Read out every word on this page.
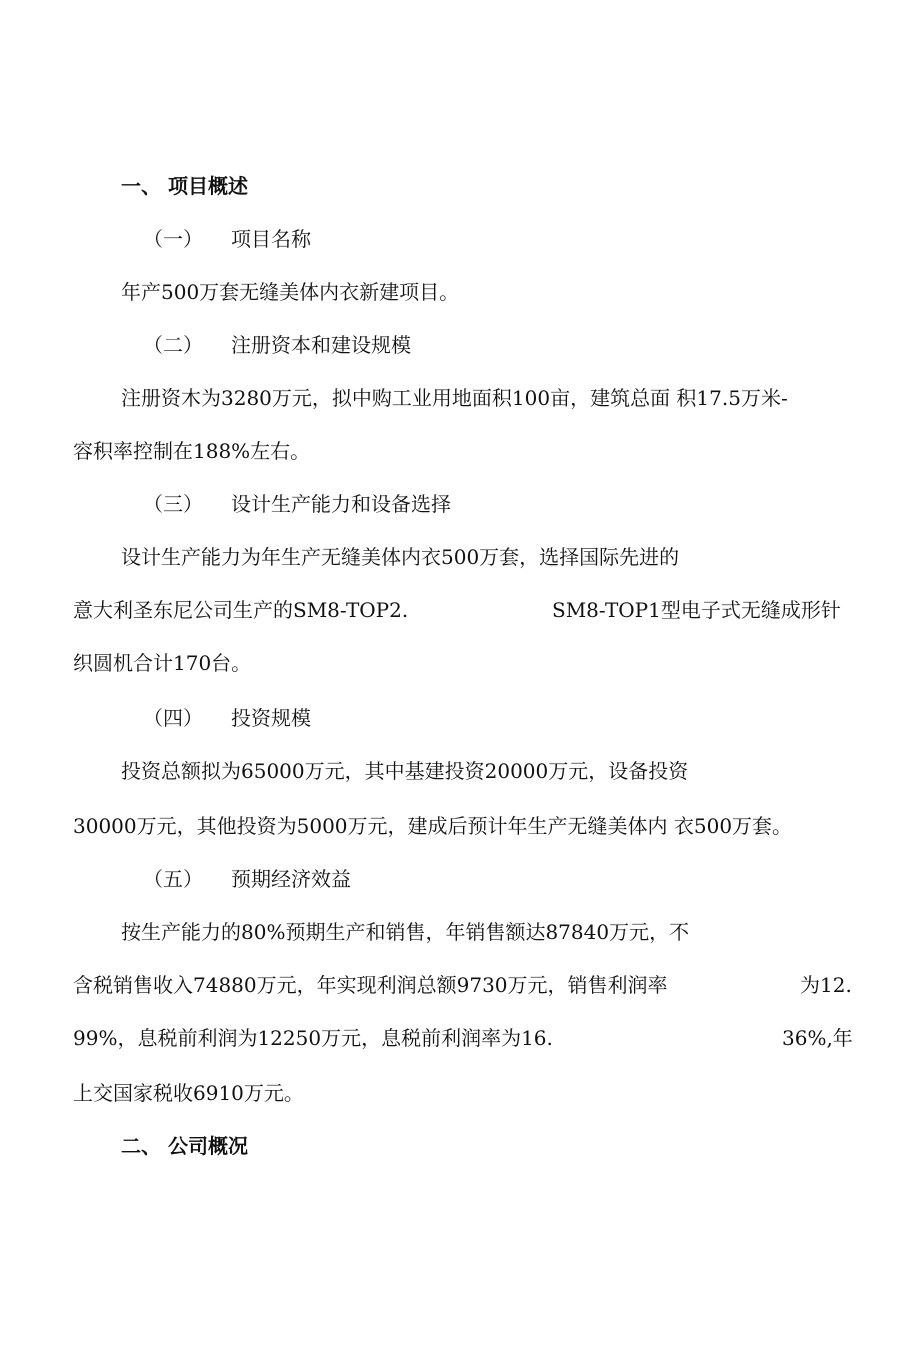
一、 项目概述
（一） 项目名称
年产500万套无缝美体内衣新建项目。
（二） 注册资本和建设规模
注册资木为3280万元，拟中购工业用地面积100亩，建筑总面 积17.5万米-
容积率控制在188%左右。
（三） 设计生产能力和设备选择
设计生产能力为年生产无缝美体内衣500万套，选择国际先进的
意大利圣东尼公司生产的SM8-TOP2.	SM8-TOP1型电子式无缝成形针
织圆机合计170台。
（四） 投资规模
投资总额拟为65000万元，其中基建投资20000万元，设备投资
30000万元，其他投资为5000万元，建成后预计年生产无缝美体内 衣500万套。
（五） 预期经济效益
按生产能力的80%预期生产和销售，年销售额达87840万元，不
含税销售收入74880万元，年实现利润总额9730万元，销售利润率	为12.
99%，息税前利润为12250万元，息税前利润率为16.	36%,年
上交国家税收6910万元。
二、 公司概况
